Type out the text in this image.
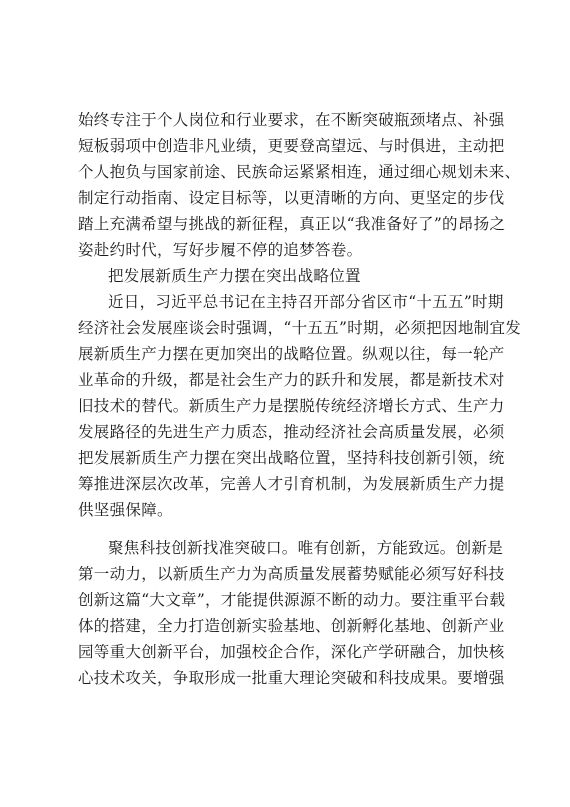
始终专注于个人岗位和行业要求，在不断突破瓶颈堵点、补强

短板弱项中创造非凡业绩，更要登高望远、与时俱进，主动把

个人抱负与国家前途、民族命运紧紧相连，通过细心规划未来、

制定行动指南、设定目标等，以更清晰的方向、更坚定的步伐

踏上充满希望与挑战的新征程，真正以“我准备好了”的昂扬之

姿赴约时代，写好步履不停的追梦答卷。

把发展新质生产力摆在突出战略位置

近日，习近平总书记在主持召开部分省区市“十五五”时期

经济社会发展座谈会时强调，“十五五”时期，必须把因地制宜发

展新质生产力摆在更加突出的战略位置。纵观以往，每一轮产

业革命的升级，都是社会生产力的跃升和发展，都是新技术对

旧技术的替代。新质生产力是摆脱传统经济增长方式、生产力

发展路径的先进生产力质态，推动经济社会高质量发展，必须

把发展新质生产力摆在突出战略位置，坚持科技创新引领，统

筹推进深层次改革，完善人才引育机制，为发展新质生产力提

供坚强保障。

聚焦科技创新找准突破口。唯有创新，方能致远。创新是

第一动力，以新质生产力为高质量发展蓄势赋能必须写好科技

创新这篇“大文章”，才能提供源源不断的动力。要注重平台载

体的搭建，全力打造创新实验基地、创新孵化基地、创新产业

园等重大创新平台，加强校企合作，深化产学研融合，加快核

心技术攻关，争取形成一批重大理论突破和科技成果。要增强
